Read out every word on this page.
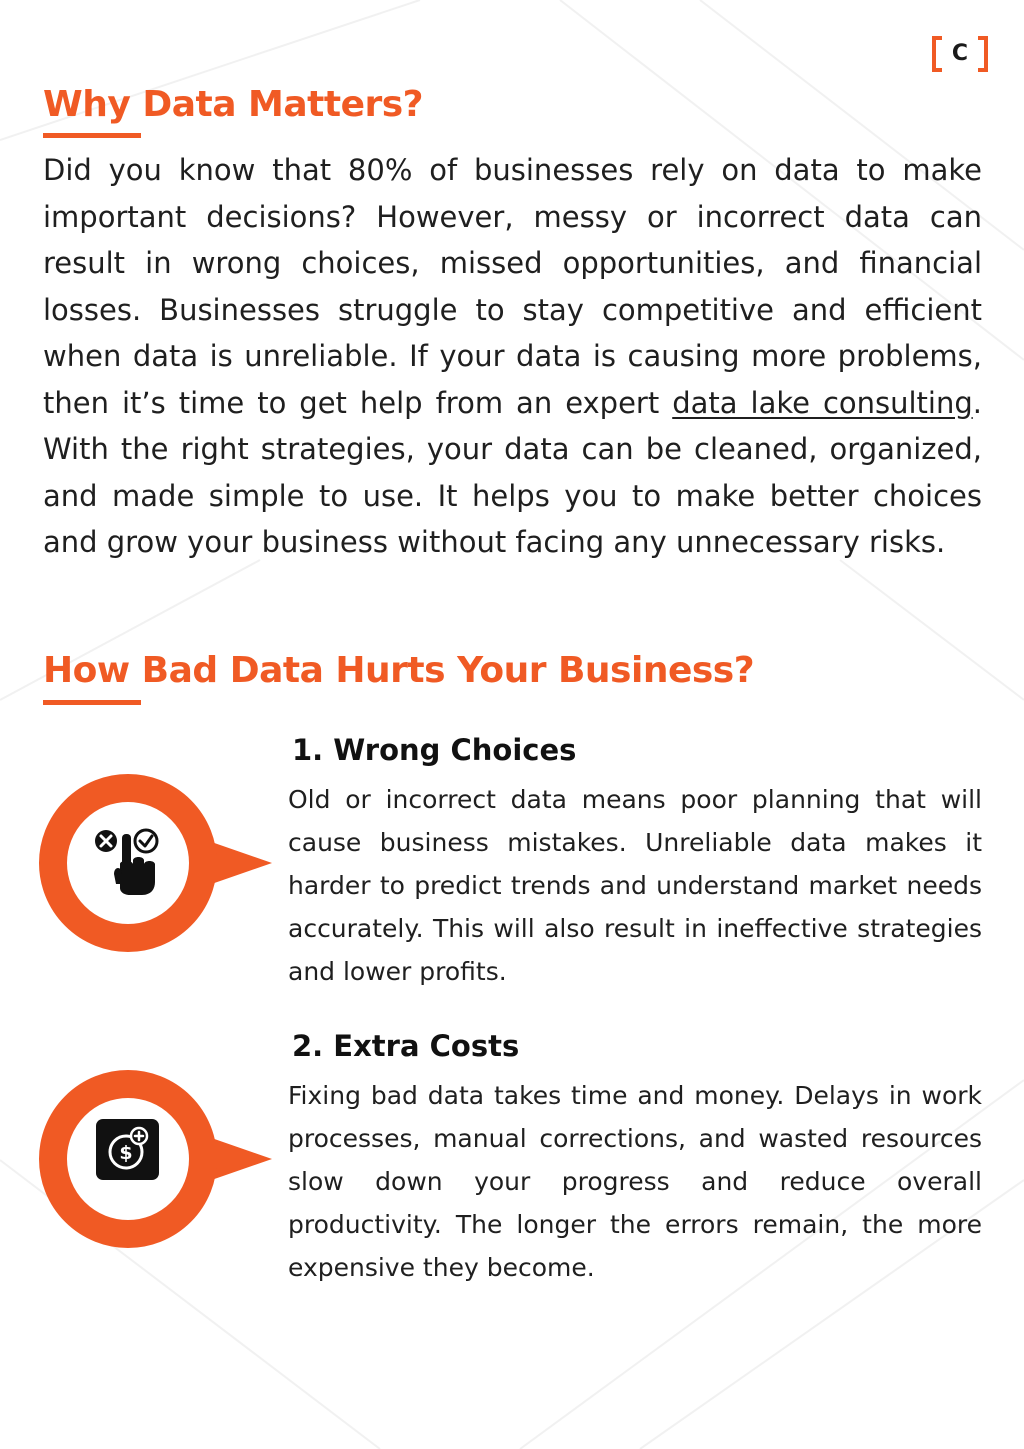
C
Why Data Matters?

Did you know that 80% of businesses rely on data to make important decisions? However, messy or incorrect data can result in wrong choices, missed opportunities, and financial losses. Businesses struggle to stay competitive and efficient when data is unreliable. If your data is causing more problems, then it’s time to get help from an expert data lake consulting. With the right strategies, your data can be cleaned, organized, and made simple to use. It helps you to make better choices and grow your business without facing any unnecessary risks.

How Bad Data Hurts Your Business?
1. Wrong Choices

Old or incorrect data means poor planning that will cause business mistakes. Unreliable data makes it harder to predict trends and understand market needs accurately. This will also result in ineffective strategies and lower profits.

$
2. Extra Costs

Fixing bad data takes time and money. Delays in work processes, manual corrections, and wasted resources slow down your progress and reduce overall productivity. The longer the errors remain, the more expensive they become.
